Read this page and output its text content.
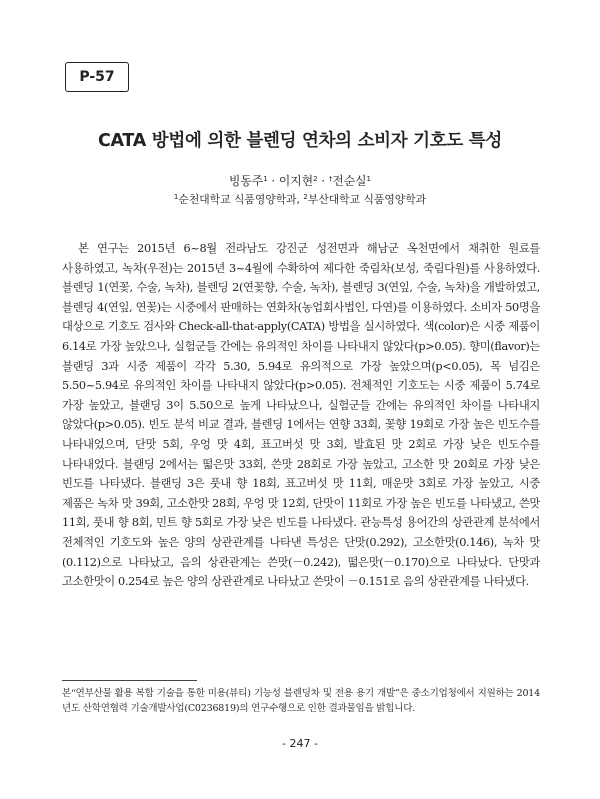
P-57
CATA 방법에 의한 블렌딩 연차의 소비자 기호도 특성
빙동주$^1$ · 이지현$^2$ · †전순실$^1$
$^1$순천대학교 식품영양학과, $^2$부산대학교 식품영양학과

본 연구는 2015년 6~8월 전라남도 강진군 성전면과 해남군 옥천면에서 채취한 원료를 사용하였고, 녹차(우전)는 2015년 3~4월에 수확하여 제다한 죽림차(보성, 죽림다원)를 사용하였다. 블렌딩 1(연꽃, 수술, 녹차), 블렌딩 2(연꽃향, 수술, 녹차), 블렌딩 3(연잎, 수술, 녹차)을 개발하였고, 블렌딩 4(연잎, 연꽃)는 시중에서 판매하는 연화차(농업회사법인, 다연)를 이용하였다. 소비자 50명을 대상으로 기호도 검사와 Check-all-that-apply(CATA) 방법을 실시하였다. 색(color)은 시중 제품이 6.14로 가장 높았으나, 실험군들 간에는 유의적인 차이를 나타내지 않았다(p>0.05). 향미(flavor)는 블랜딩 3과 시중 제품이 각각 5.30, 5.94로 유의적으로 가장 높았으며(p<0.05), 목 넘김은 5.50~5.94로 유의적인 차이를 나타내지 않았다(p>0.05). 전체적인 기호도는 시중 제품이 5.74로 가장 높았고, 블랜딩 3이 5.50으로 높게 나타났으나, 실험군들 간에는 유의적인 차이를 나타내지 않았다(p>0.05). 빈도 분석 비교 결과, 블렌딩 1에서는 연향 33회, 꽃향 19회로 가장 높은 빈도수를 나타내었으며, 단맛 5회, 우엉 맛 4회, 표고버섯 맛 3회, 발효된 맛 2회로 가장 낮은 빈도수를 나타내었다. 블랜딩 2에서는 떫은맛 33회, 쓴맛 28회로 가장 높았고, 고소한 맛 20회로 가장 낮은 빈도를 나타냈다. 블랜딩 3은 풋내 향 18회, 표고버섯 맛 11회, 매운맛 3회로 가장 높았고, 시중 제품은 녹차 맛 39회, 고소한맛 28회, 우엉 맛 12회, 단맛이 11회로 가장 높은 빈도를 나타냈고, 쓴맛 11회, 풋내 향 8회, 민트 향 5회로 가장 낮은 빈도를 나타냈다. 관능특성 용어간의 상관관계 분석에서 전체적인 기호도와 높은 양의 상관관계를 나타낸 특성은 단맛(0.292), 고소한맛(0.146), 녹차 맛(0.112)으로 나타났고, 음의 상관관계는 쓴맛(－0.242), 떫은맛(－0.170)으로 나타났다. 단맛과 고소한맛이 0.254로 높은 양의 상관관계로 나타났고 쓴맛이 －0.151로 음의 상관관계를 나타냈다.

본“연부산물 활용 복합 기술을 통한 미용(뷰티) 기능성 블렌딩차 및 전용 용기 개발”은 중소기업청에서 지원하는 2014년도 산학연협력 기술개발사업(C0236819)의 연구수행으로 인한 결과물임을 밝힙니다.
- 247 -
